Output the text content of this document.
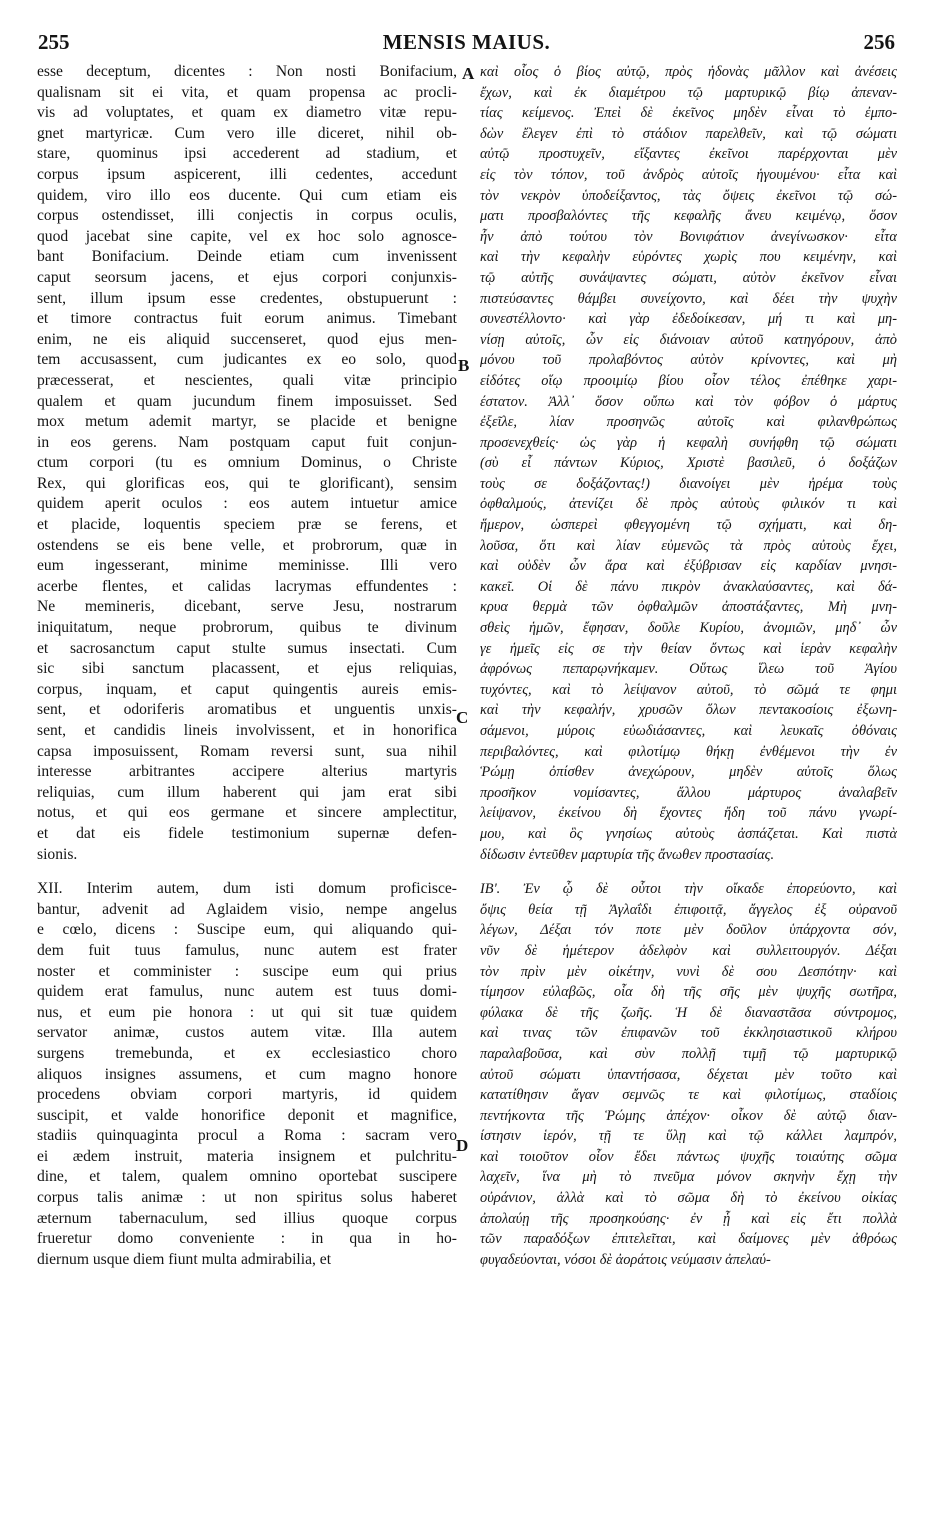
255	MENSIS MAIUS.	256
esse deceptum, dicentes : Non nosti Bonifacium,
qualisnam sit ei vita, et quam propensa ac procli-
vis ad voluptates, et quam ex diametro vitæ repu-
gnet martyricæ. Cum vero ille diceret, nihil ob-
stare, quominus ipsi accederent ad stadium, et
corpus ipsum aspicerent, illi cedentes, accedunt
quidem, viro illo eos ducente. Qui cum etiam eis
corpus ostendisset, illi conjectis in corpus oculis,
quod jacebat sine capite, vel ex hoc solo agnosce-
bant Bonifacium. Deinde etiam cum invenissent
caput seorsum jacens, et ejus corpori conjunxis-
sent, illum ipsum esse credentes, obstupuerunt :
et timore contractus fuit eorum animus. Timebant
enim, ne eis aliquid succenseret, quod ejus men-
tem accusassent, cum judicantes ex eo solo, quod
præcesserat, et nescientes, quali vitæ principio
qualem et quam jucundum finem imposuisset. Sed
mox metum ademit martyr, se placide et benigne
in eos gerens. Nam postquam caput fuit conjun-
ctum corpori (tu es omnium Dominus, o Christe
Rex, qui glorificas eos, qui te glorificant), sensim
quidem aperit oculos : eos autem intuetur amice
et placide, loquentis speciem præ se ferens, et
ostendens se eis bene velle, et probrorum, quæ in
eum ingesserant, minime meminisse. Illi vero
acerbe flentes, et calidas lacrymas effundentes :
Ne memineris, dicebant, serve Jesu, nostrarum
iniquitatum, neque probrorum, quibus te divinum
et sacrosanctum caput stulte sumus insectati. Cum
sic sibi sanctum placassent, et ejus reliquias,
corpus, inquam, et caput quingentis aureis emis-
sent, et odoriferis aromatibus et unguentis unxis-
sent, et candidis lineis involvissent, et in honorifica
capsa imposuissent, Romam reversi sunt, sua nihil
interesse arbitrantes accipere alterius martyris
reliquias, cum illum haberent qui jam erat sibi
notus, et qui eos germane et sincere amplectitur,
et dat eis fidele testimonium supernæ defen-
sionis.
XII. Interim autem, dum isti domum proficisce-
bantur, advenit ad Aglaidem visio, nempe angelus
e cœlo, dicens : Suscipe eum, qui aliquando qui-
dem fuit tuus famulus, nunc autem est frater
noster et comminister : suscipe eum qui prius
quidem erat famulus, nunc autem est tuus domi-
nus, et eum pie honora : ut qui sit tuæ quidem
servator animæ, custos autem vitæ. Illa autem
surgens tremebunda, et ex ecclesiastico choro
aliquos insignes assumens, et cum magno honore
procedens obviam corpori martyris, id quidem
suscipit, et valde honorifice deponit et magnifice,
stadiis quinquaginta procul a Roma : sacram vero
ei ædem instruit, materia insignem et pulchritu-
dine, et talem, qualem omnino oportebat suscipere
corpus talis animæ : ut non spiritus solus haberet
æternum tabernaculum, sed illius quoque corpus
frueretur domo conveniente : in qua in ho-
diernum usque diem fiunt multa admirabilia, et
καὶ οἷος ὁ βίος αὐτῷ, πρὸς ἡδονὰς μᾶλλον καὶ ἀνέσεις
ἔχων, καὶ ἐκ διαμέτρου τῷ μαρτυρικῷ βίῳ ἀπεναν-
τίας κείμενος. Ἐπεὶ δὲ ἐκεῖνος μηδὲν εἶναι τὸ ἐμπο-
δὼν ἔλεγεν ἐπὶ τὸ στάδιον παρελθεῖν, καὶ τῷ σώματι
αὐτῷ προστυχεῖν, εἴξαντες ἐκεῖνοι παρέρχονται μὲν
εἰς τὸν τόπον, τοῦ ἀνδρὸς αὐτοῖς ἡγουμένου· εἶτα καὶ
τὸν νεκρὸν ὑποδείξαντος, τὰς ὄψεις ἐκεῖνοι τῷ σώ-
ματι προσβαλόντες τῆς κεφαλῆς ἄνευ κειμένῳ, ὅσον
ἦν ἀπὸ τούτου τὸν Βονιφάτιον ἀνεγίνωσκον· εἶτα
καὶ τὴν κεφαλὴν εὑρόντες χωρὶς που κειμένην, καὶ
τῷ αὐτῆς συνάψαντες σώματι, αὐτὸν ἐκεῖνον εἶναι
πιστεύσαντες θάμβει συνείχοντο, καὶ δέει τὴν ψυχὴν
συνεστέλλοντο· καὶ γὰρ ἐδεδοίκεσαν, μή τι καὶ μη-
νίσῃ αὐτοῖς, ὧν εἰς διάνοιαν αὐτοῦ κατηγόρουν, ἀπὸ
μόνου τοῦ προλαβόντος αὐτὸν κρίνοντες, καὶ μὴ
εἰδότες οἵῳ προοιμίῳ βίου οἷον τέλος ἐπέθηκε χαρι-
έστατον. Ἀλλ᾽ ὅσον οὔπω καὶ τὸν φόβον ὁ μάρτυς
ἐξεῖλε, λίαν προσηνῶς αὐτοῖς καὶ φιλανθρώπως
προσενεχθείς· ὡς γὰρ ἡ κεφαλὴ συνήφθη τῷ σώματι
(σὺ εἶ πάντων Κύριος, Χριστὲ βασιλεῦ, ὁ δοξάζων
τοὺς σε δοξάζοντας!) διανοίγει μὲν ἠρέμα τοὺς
ὀφθαλμούς, ἀτενίζει δὲ πρὸς αὐτοὺς φιλικόν τι καὶ
ἥμερον, ὡσπερεὶ φθεγγομένη τῷ σχήματι, καὶ δη-
λοῦσα, ὅτι καὶ λίαν εὐμενῶς τὰ πρὸς αὐτοὺς ἔχει,
καὶ οὐδὲν ὧν ἄρα καὶ ἐξύβρισαν εἰς καρδίαν μνησι-
κακεῖ. Οἱ δὲ πάνυ πικρὸν ἀνακλαύσαντες, καὶ δά-
κρυα θερμὰ τῶν ὀφθαλμῶν ἀποστάξαντες, Μὴ μνη-
σθεὶς ἡμῶν, ἔφησαν, δοῦλε Κυρίου, ἀνομιῶν, μηδ᾽ ὧν
γε ἡμεῖς εἰς σε τὴν θείαν ὄντως καὶ ἱερὰν κεφαλὴν
ἀφρόνως πεπαρῳνήκαμεν. Οὕτως ἵλεω τοῦ Ἁγίου
τυχόντες, καὶ τὸ λείψανον αὐτοῦ, τὸ σῶμά τε φημι
καὶ τὴν κεφαλήν, χρυσῶν ὅλων πεντακοσίοις ἐξωνη-
σάμενοι, μύροις εὐωδιάσαντες, καὶ λευκαῖς ὀθόναις
περιβαλόντες, καὶ φιλοτίμῳ θήκῃ ἐνθέμενοι τὴν ἐν
Ῥώμῃ ὀπίσθεν ἀνεχώρουν, μηδὲν αὐτοῖς ὅλως
προσῆκον νομίσαντες, ἄλλου μάρτυρος ἀναλαβεῖν
λείψανον, ἐκείνου δὴ ἔχοντες ἤδη τοῦ πάνυ γνωρί-
μου, καὶ ὃς γνησίως αὐτοὺς ἀσπάζεται. Καὶ πιστὰ
δίδωσιν ἐντεῦθεν μαρτυρία τῆς ἄνωθεν προστασίας.
ΙΒʹ. Ἐν ᾧ δὲ οὗτοι τὴν οἴκαδε ἐπορεύοντο, καὶ
ὄψις θεία τῇ Ἀγλαΐδι ἐπιφοιτᾷ, ἄγγελος ἐξ οὐρανοῦ
λέγων, Δέξαι τόν ποτε μὲν δοῦλον ὑπάρχοντα σόν,
νῦν δὲ ἡμέτερον ἀδελφὸν καὶ συλλειτουργόν. Δέξαι
τὸν πρὶν μὲν οἰκέτην, νυνὶ δὲ σου Δεσπότην· καὶ
τίμησον εὐλαβῶς, οἷα δὴ τῆς σῆς μὲν ψυχῆς σωτῆρα,
φύλακα δὲ τῆς ζωῆς. Ἡ δὲ διαναστᾶσα σύντρομος,
καὶ τινας τῶν ἐπιφανῶν τοῦ ἐκκλησιαστικοῦ κλήρου
παραλαβοῦσα, καὶ σὺν πολλῇ τιμῇ τῷ μαρτυρικῷ
αὐτοῦ σώματι ὑπαντήσασα, δέχεται μὲν τοῦτο καὶ
κατατίθησιν ἄγαν σεμνῶς τε καὶ φιλοτίμως, σταδίοις
πεντήκοντα τῆς Ῥώμης ἀπέχον· οἶκον δὲ αὐτῷ διαν-
ίστησιν ἱερόν, τῇ τε ὕλῃ καὶ τῷ κάλλει λαμπρόν,
καὶ τοιοῦτον οἷον ἔδει πάντως ψυχῆς τοιαύτης σῶμα
λαχεῖν, ἵνα μὴ τὸ πνεῦμα μόνον σκηνὴν ἔχῃ τὴν
οὐράνιον, ἀλλὰ καὶ τὸ σῶμα δὴ τὸ ἐκείνου οἰκίας
ἀπολαύῃ τῆς προσηκούσης· ἐν ᾗ καὶ εἰς ἔτι πολλὰ
τῶν παραδόξων ἐπιτελεῖται, καὶ δαίμονες μὲν ἀθρόως
φυγαδεύονται, νόσοι δὲ ἀοράτοις νεύμασιν ἀπελαύ-
A
B
C
D
